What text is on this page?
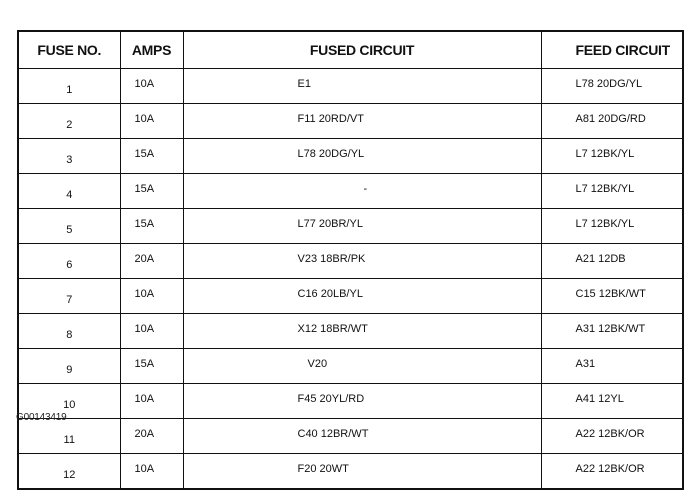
FUSE NO.	AMPS	FUSED CIRCUIT	FEED CIRCUIT
1	10A	E1	L78 20DG/YL
2	10A	F11 20RD/VT	A81 20DG/RD
3	15A	L78 20DG/YL	L7 12BK/YL
4	15A	-	L7 12BK/YL
5	15A	L77 20BR/YL	L7 12BK/YL
6	20A	V23 18BR/PK	A21 12DB
7	10A	C16 20LB/YL	C15 12BK/WT
8	10A	X12 18BR/WT	A31 12BK/WT
9	15A	V20	A31
10	10A	F45 20YL/RD	A41 12YL
11	20A	C40 12BR/WT	A22 12BK/OR
12	10A	F20 20WT	A22 12BK/OR
G00143419
